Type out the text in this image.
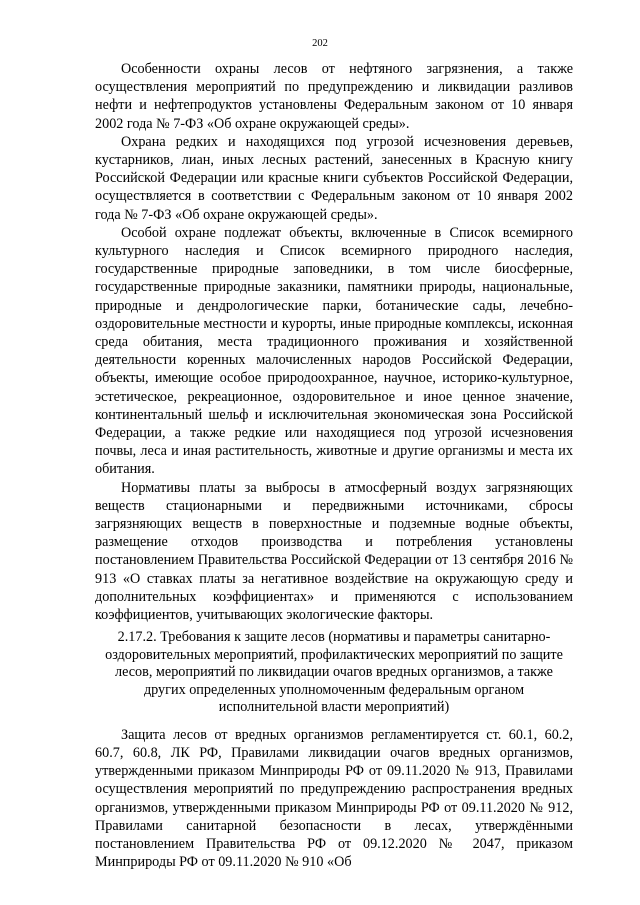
202

Особенности охраны лесов от нефтяного загрязнения, а также осуществления мероприятий по предупреждению и ликвидации разливов нефти и нефтепродуктов установлены Федеральным законом от 10 января 2002 года № 7-ФЗ «Об охране окружающей среды».

Охрана редких и находящихся под угрозой исчезновения деревьев, кустарников, лиан, иных лесных растений, занесенных в Красную книгу Российской Федерации или красные книги субъектов Российской Федерации, осуществляется в соответствии с Федеральным законом от 10 января 2002 года № 7-ФЗ «Об охране окружающей среды».

Особой охране подлежат объекты, включенные в Список всемирного культурного наследия и Список всемирного природного наследия, государственные природные заповедники, в том числе биосферные, государственные природные заказники, памятники природы, национальные, природные и дендрологические парки, ботанические сады, лечебно-оздоровительные местности и курорты, иные природные комплексы, исконная среда обитания, места традиционного проживания и хозяйственной деятельности коренных малочисленных народов Российской Федерации, объекты, имеющие особое природоохранное, научное, историко-культурное, эстетическое, рекреационное, оздоровительное и иное ценное значение, континентальный шельф и исключительная экономическая зона Российской Федерации, а также редкие или находящиеся под угрозой исчезновения почвы, леса и иная растительность, животные и другие организмы и места их обитания.

Нормативы платы за выбросы в атмосферный воздух загрязняющих веществ стационарными и передвижными источниками, сбросы загрязняющих веществ в поверхностные и подземные водные объекты, размещение отходов производства и потребления установлены постановлением Правительства Российской Федерации от 13 сентября 2016 № 913 «О ставках платы за негативное воздействие на окружающую среду и дополнительных коэффициентах» и применяются с использованием коэффициентов, учитывающих экологические факторы.

2.17.2. Требования к защите лесов (нормативы и параметры санитарно-оздоровительных мероприятий, профилактических мероприятий по защите лесов, мероприятий по ликвидации очагов вредных организмов, а также других определенных уполномоченным федеральным органом исполнительной власти мероприятий)

Защита лесов от вредных организмов регламентируется ст. 60.1, 60.2, 60.7, 60.8, ЛК РФ, Правилами ликвидации очагов вредных организмов, утвержденными приказом Минприроды РФ от 09.11.2020 № 913, Правилами осуществления мероприятий по предупреждению распространения вредных организмов, утвержденными приказом Минприроды РФ от 09.11.2020 № 912, Правилами санитарной безопасности в лесах, утверждёнными постановлением Правительства РФ от 09.12.2020 № 2047, приказом Минприроды РФ от 09.11.2020 № 910 «Об
